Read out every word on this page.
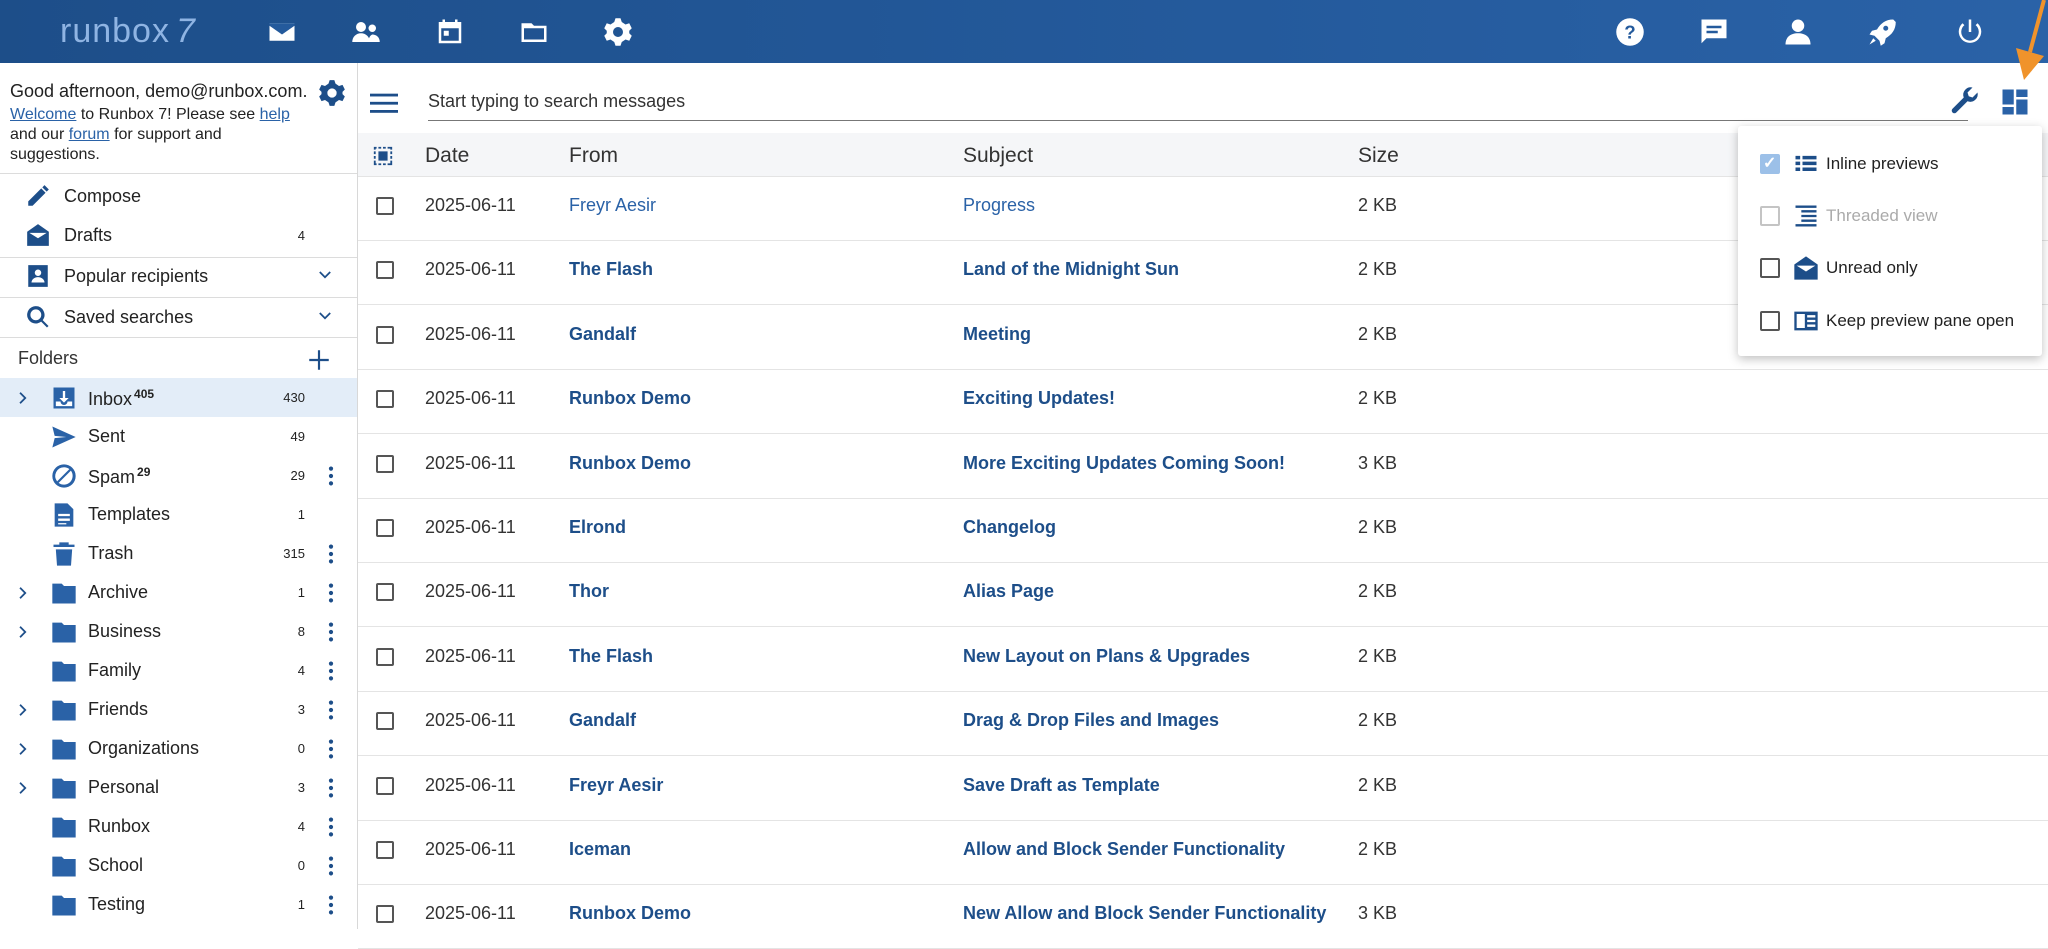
runbox 7	?
Good afternoon, demo@runbox.com.
Welcome to Runbox 7! Please see help
and our forum for support and suggestions.
Compose
Drafts	4
Popular recipients
Saved searches
Folders
Inbox $^{405}$	430
Sent	49
Spam $^{29}$	29
Templates	1
Trash	315
Archive	1
Business	8
Family	4
Friends	3
Organizations	0
Personal	3
Runbox	4
School	0
Testing	1
Start typing to search messages
Date	From	Subject	Size
2025-06-11	Freyr Aesir	Progress	2 KB
2025-06-11	The Flash	Land of the Midnight Sun	2 KB
2025-06-11	Gandalf	Meeting	2 KB
2025-06-11	Runbox Demo	Exciting Updates!	2 KB
2025-06-11	Runbox Demo	More Exciting Updates Coming Soon!	3 KB
2025-06-11	Elrond	Changelog	2 KB
2025-06-11	Thor	Alias Page	2 KB
2025-06-11	The Flash	New Layout on Plans & Upgrades	2 KB
2025-06-11	Gandalf	Drag & Drop Files and Images	2 KB
2025-06-11	Freyr Aesir	Save Draft as Template	2 KB
2025-06-11	Iceman	Allow and Block Sender Functionality	2 KB
2025-06-11	Runbox Demo	New Allow and Block Sender Functionality	3 KB
✓
Inline previews
Threaded view
Unread only
Keep preview pane open
